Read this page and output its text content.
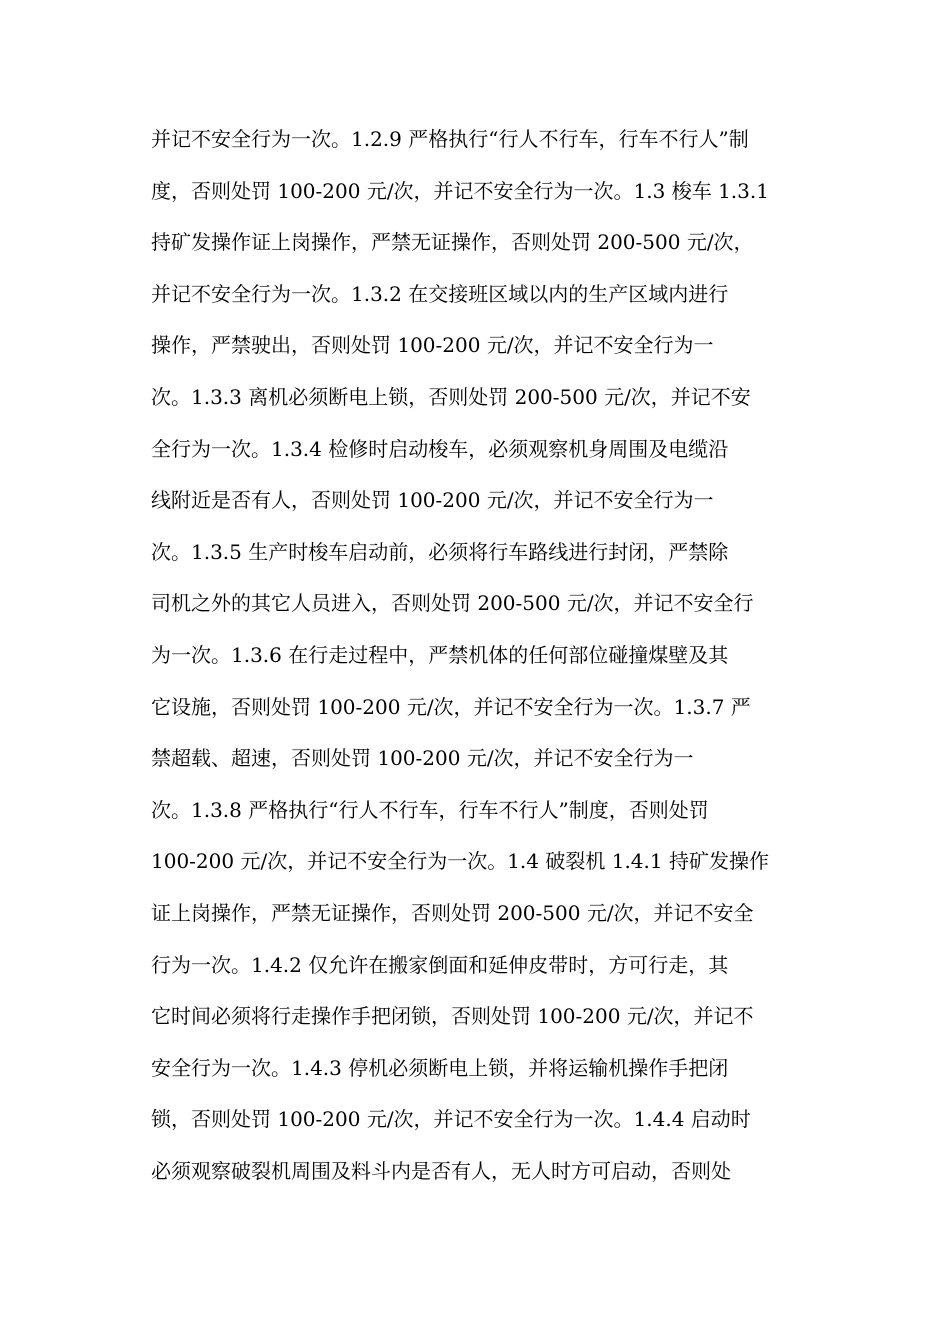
并记不安全行为一次。1.2.9 严格执行“行人不行车，行车不行人”制
度，否则处罚 100-200 元/次，并记不安全行为一次。1.3 梭车 1.3.1
持矿发操作证上岗操作，严禁无证操作，否则处罚 200-500 元/次，
并记不安全行为一次。1.3.2 在交接班区域以内的生产区域内进行
操作，严禁驶出，否则处罚 100-200 元/次，并记不安全行为一
次。1.3.3 离机必须断电上锁，否则处罚 200-500 元/次，并记不安
全行为一次。1.3.4 检修时启动梭车，必须观察机身周围及电缆沿
线附近是否有人，否则处罚 100-200 元/次，并记不安全行为一
次。1.3.5 生产时梭车启动前，必须将行车路线进行封闭，严禁除
司机之外的其它人员进入，否则处罚 200-500 元/次，并记不安全行
为一次。1.3.6 在行走过程中，严禁机体的任何部位碰撞煤壁及其
它设施，否则处罚 100-200 元/次，并记不安全行为一次。1.3.7 严
禁超载、超速，否则处罚 100-200 元/次，并记不安全行为一
次。1.3.8 严格执行“行人不行车，行车不行人”制度，否则处罚
100-200 元/次，并记不安全行为一次。1.4 破裂机 1.4.1 持矿发操作
证上岗操作，严禁无证操作，否则处罚 200-500 元/次，并记不安全
行为一次。1.4.2 仅允许在搬家倒面和延伸皮带时，方可行走，其
它时间必须将行走操作手把闭锁，否则处罚 100-200 元/次，并记不
安全行为一次。1.4.3 停机必须断电上锁，并将运输机操作手把闭
锁，否则处罚 100-200 元/次，并记不安全行为一次。1.4.4 启动时
必须观察破裂机周围及料斗内是否有人，无人时方可启动，否则处
